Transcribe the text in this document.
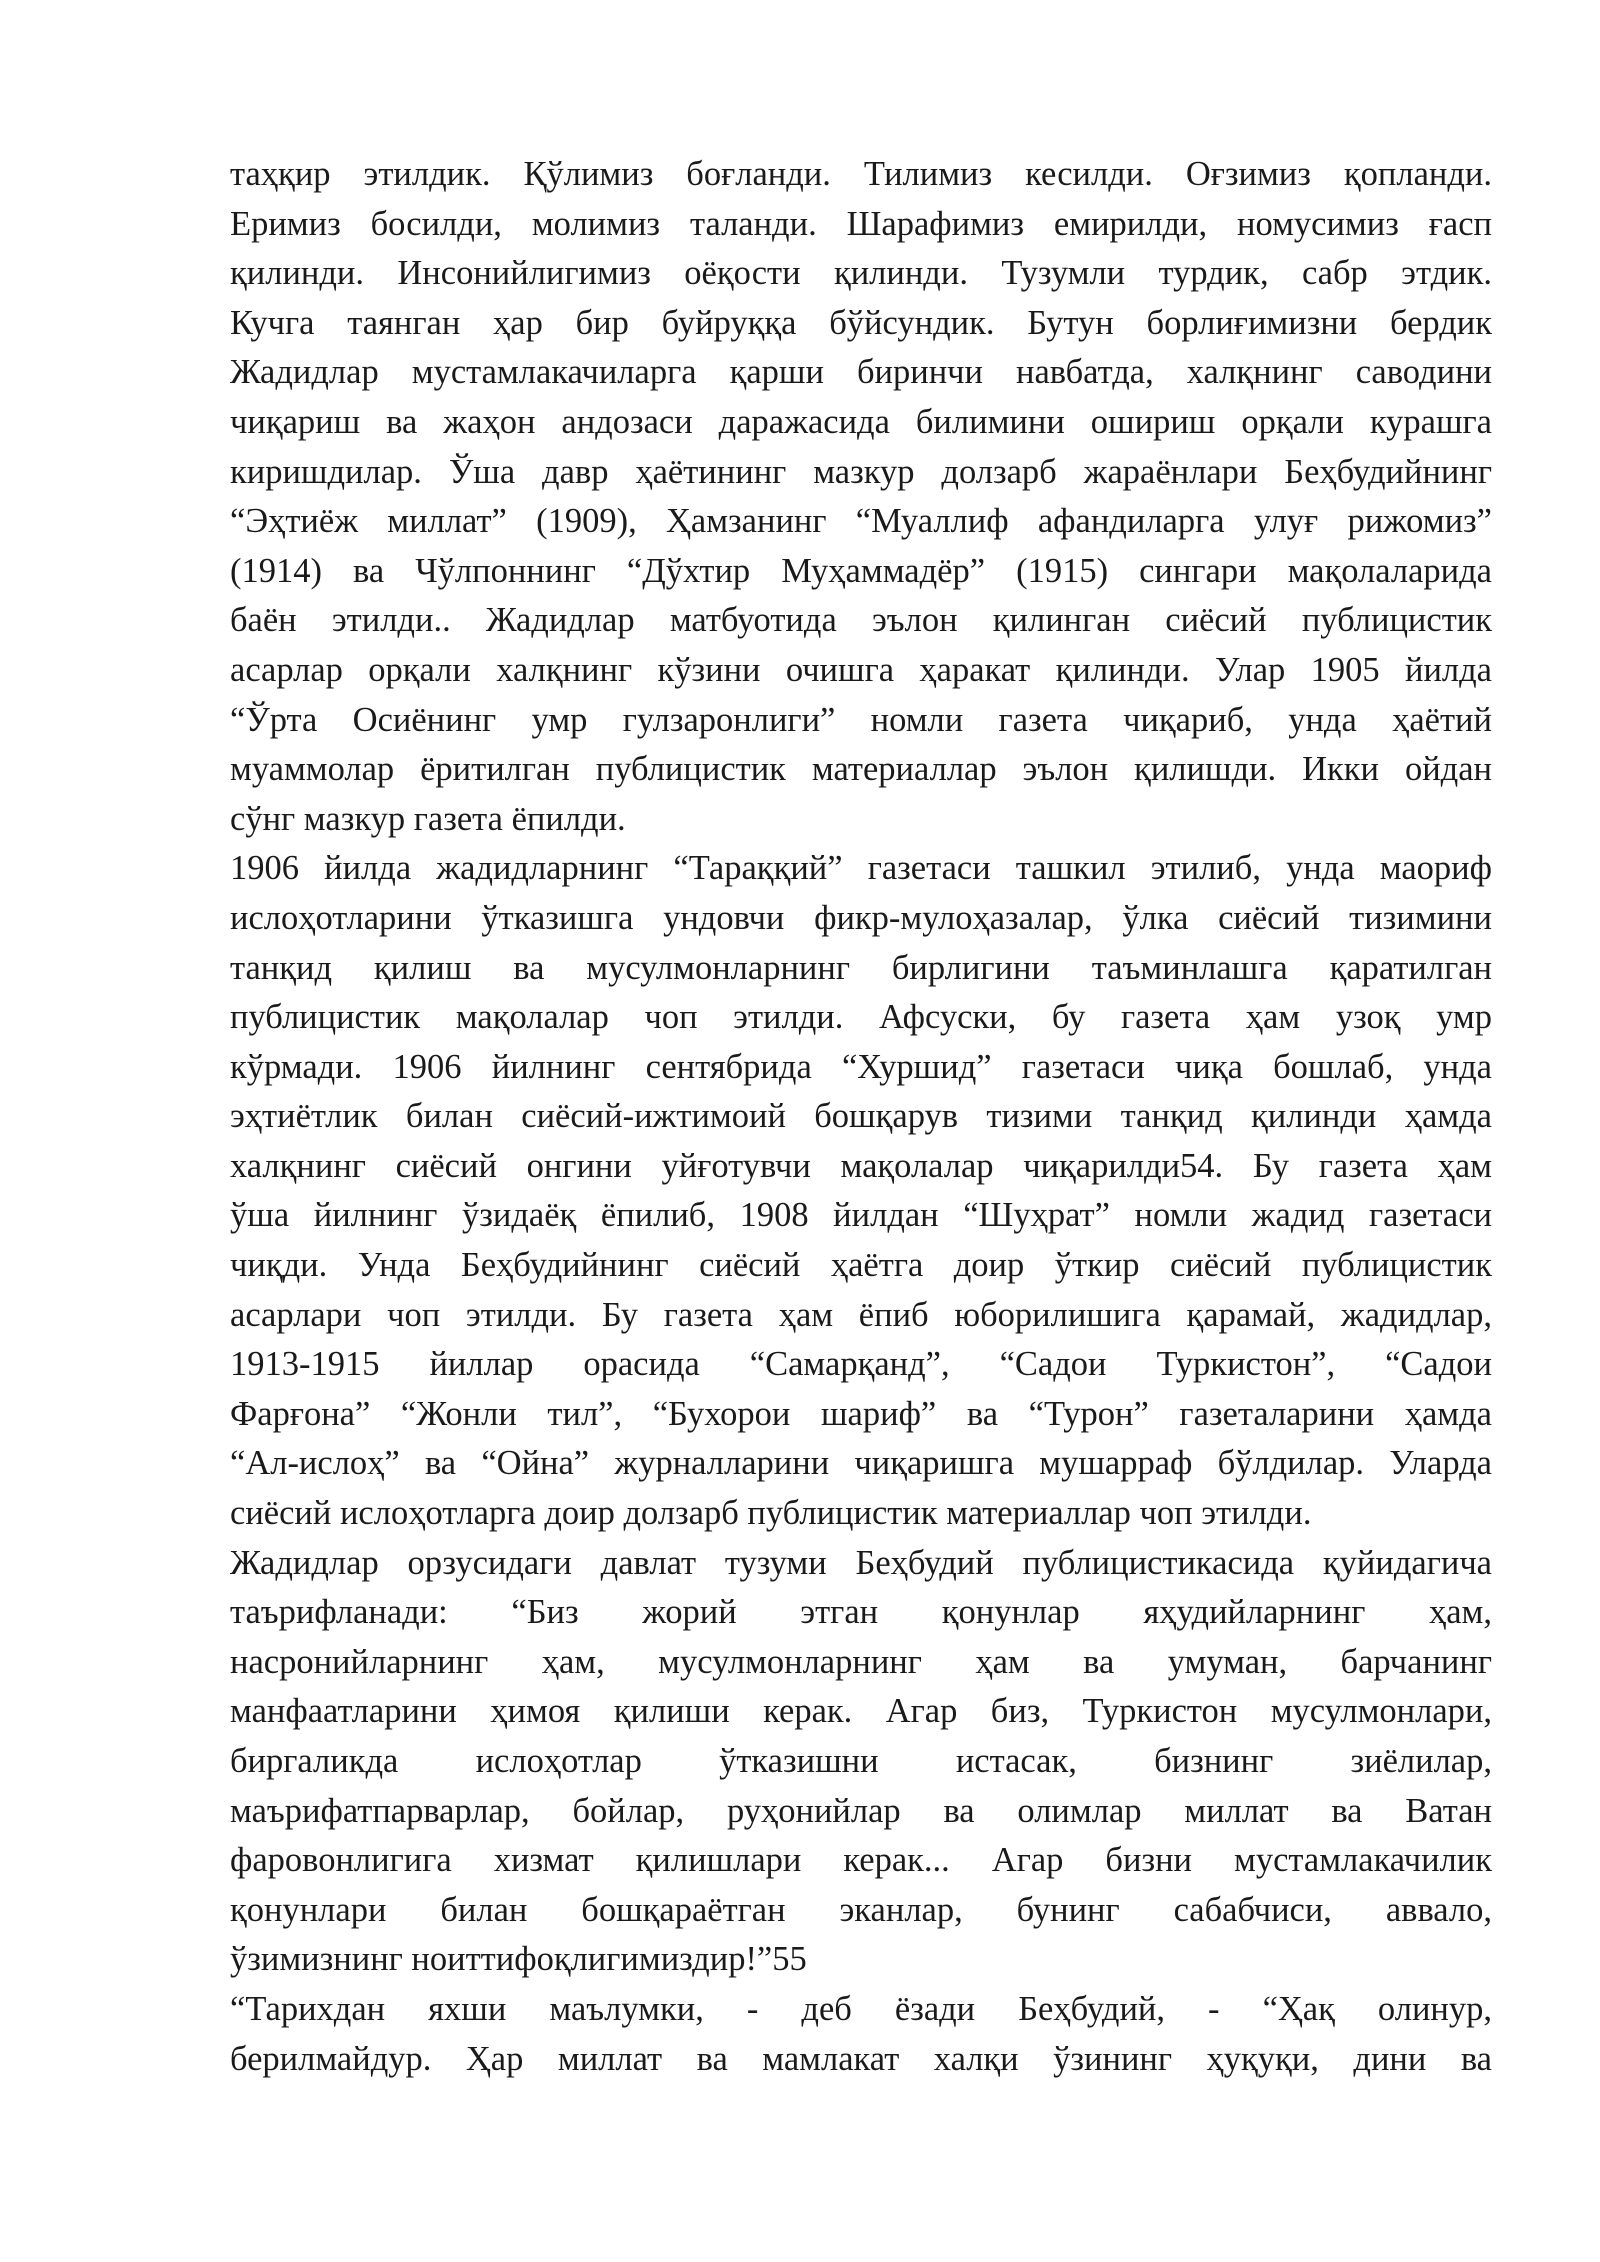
таҳқир этилдик. Қўлимиз боғланди. Тилимиз кесилди. Оғзимиз қопланди.
Еримиз босилди, молимиз таланди. Шарафимиз емирилди, номусимиз ғасп
қилинди. Инсонийлигимиз оёқости қилинди. Тузумли турдик, сабр этдик.
Кучга таянган ҳар бир буйруққа бўйсундик. Бутун борлиғимизни бердик
Жадидлар мустамлакачиларга қарши биринчи навбатда, халқнинг саводини
чиқариш ва жаҳон андозаси даражасида билимини ошириш орқали курашга
киришдилар. Ўша давр ҳаётининг мазкур долзарб жараёнлари Беҳбудийнинг
“Эҳтиёж миллат” (1909), Ҳамзанинг “Муаллиф афандиларга улуғ рижомиз”
(1914) ва Чўлпоннинг “Дўхтир Муҳаммадёр” (1915) сингари мақолаларида
баён этилди.. Жадидлар матбуотида эълон қилинган сиёсий публицистик
асарлар орқали халқнинг кўзини очишга ҳаракат қилинди. Улар 1905 йилда
“Ўрта Осиёнинг умр гулзаронлиги” номли газета чиқариб, унда ҳаётий
муаммолар ёритилган публицистик материаллар эълон қилишди. Икки ойдан
сўнг мазкур газета ёпилди.
1906 йилда жадидларнинг “Тараққий” газетаси ташкил этилиб, унда маориф
ислоҳотларини ўтказишга ундовчи фикр-мулоҳазалар, ўлка сиёсий тизимини
танқид қилиш ва мусулмонларнинг бирлигини таъминлашга қаратилган
публицистик мақолалар чоп этилди. Афсуски, бу газета ҳам узоқ умр
кўрмади. 1906 йилнинг сентябрида “Хуршид” газетаси чиқа бошлаб, унда
эҳтиётлик билан сиёсий-ижтимоий бошқарув тизими танқид қилинди ҳамда
халқнинг сиёсий онгини уйғотувчи мақолалар чиқарилди54. Бу газета ҳам
ўша йилнинг ўзидаёқ ёпилиб, 1908 йилдан “Шуҳрат” номли жадид газетаси
чиқди. Унда Беҳбудийнинг сиёсий ҳаётга доир ўткир сиёсий публицистик
асарлари чоп этилди. Бу газета ҳам ёпиб юборилишига қарамай, жадидлар,
1913-1915 йиллар орасида “Самарқанд”, “Садои Туркистон”, “Садои
Фарғона” “Жонли тил”, “Бухорои шариф” ва “Турон” газеталарини ҳамда
“Ал-ислоҳ” ва “Ойна” журналларини чиқаришга мушарраф бўлдилар. Уларда
сиёсий ислоҳотларга доир долзарб публицистик материаллар чоп этилди.
Жадидлар орзусидаги давлат тузуми Беҳбудий публицистикасида қуйидагича
таърифланади: “Биз жорий этган қонунлар яҳудийларнинг ҳам,
насронийларнинг ҳам, мусулмонларнинг ҳам ва умуман, барчанинг
манфаатларини ҳимоя қилиши керак. Агар биз, Туркистон мусулмонлари,
биргаликда ислоҳотлар ўтказишни истасак, бизнинг зиёлилар,
маърифатпарварлар, бойлар, руҳонийлар ва олимлар миллат ва Ватан
фаровонлигига хизмат қилишлари керак... Агар бизни мустамлакачилик
қонунлари билан бошқараётган эканлар, бунинг сабабчиси, аввало,
ўзимизнинг ноиттифоқлигимиздир!”55
“Тарихдан яхши маълумки, - деб ёзади Беҳбудий, - “Ҳақ олинур,
берилмайдур. Ҳар миллат ва мамлакат халқи ўзининг ҳуқуқи, дини ва
